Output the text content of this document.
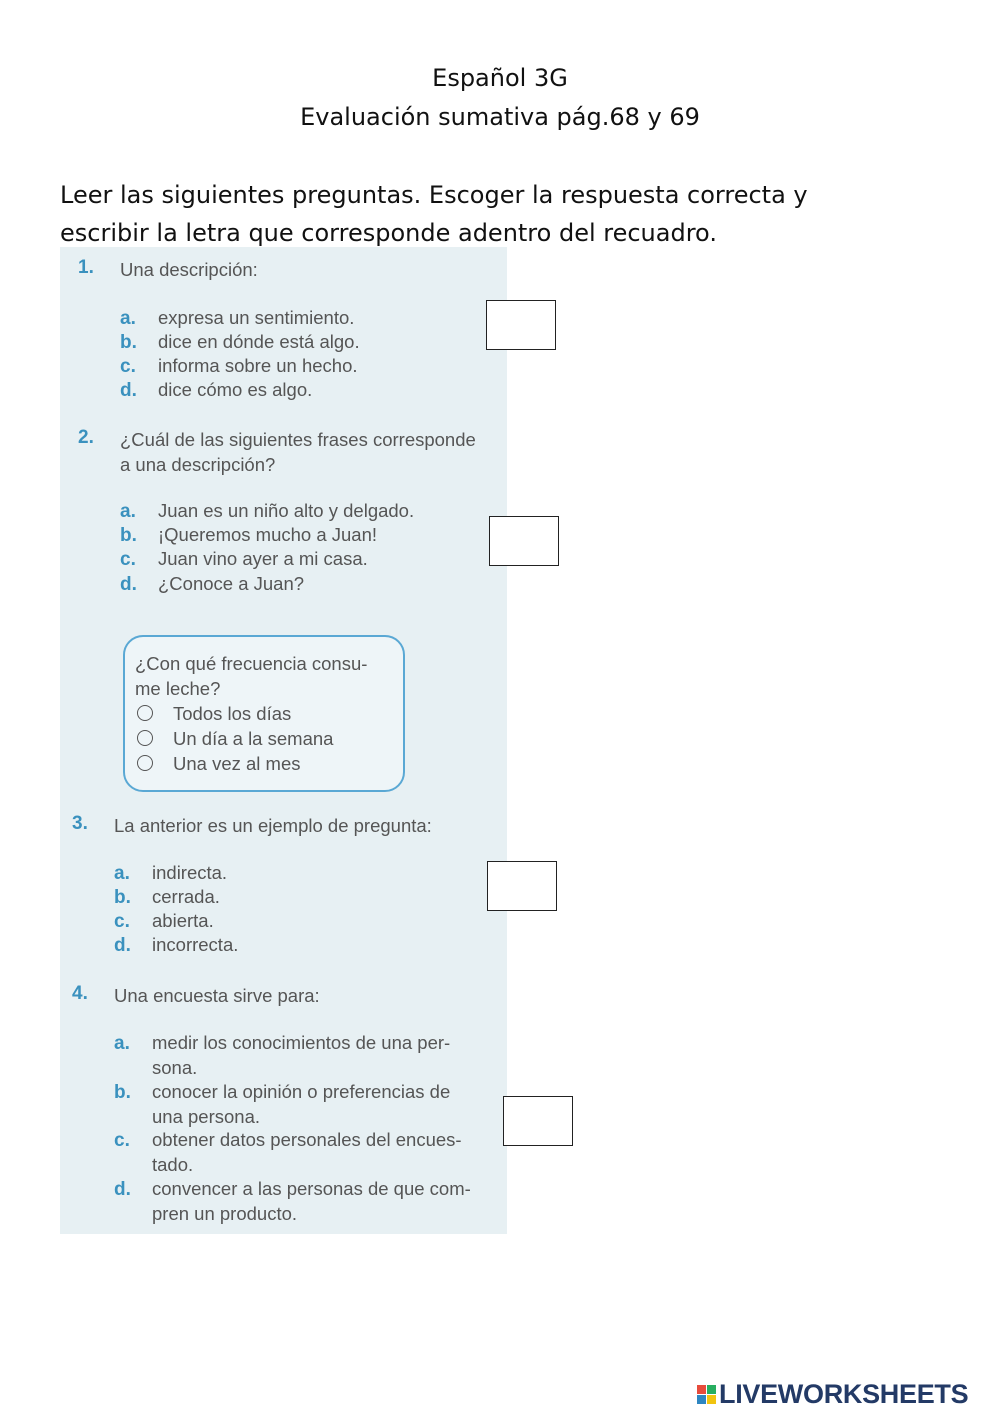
Español 3G
Evaluación sumativa pág.68 y 69
Leer las siguientes preguntas. Escoger la respuesta correcta y
escribir la letra que corresponde adentro del recuadro.
1. Una descripción:
a. expresa un sentimiento.
b. dice en dónde está algo.
c. informa sobre un hecho.
d. dice cómo es algo.
2. ¿Cuál de las siguientes frases corresponde
a una descripción?
a. Juan es un niño alto y delgado.
b. ¡Queremos mucho a Juan!
c. Juan vino ayer a mi casa.
d. ¿Conoce a Juan?
¿Con qué frecuencia consu-
me leche?
Todos los días
Un día a la semana
Una vez al mes
3. La anterior es un ejemplo de pregunta:
a. indirecta.
b. cerrada.
c. abierta.
d. incorrecta.
4. Una encuesta sirve para:
a. medir los conocimientos de una per-
sona.
b. conocer la opinión o preferencias de
una persona.
c. obtener datos personales del encues-
tado.
d. convencer a las personas de que com-
pren un producto.
LIVEWORKSHEETS
